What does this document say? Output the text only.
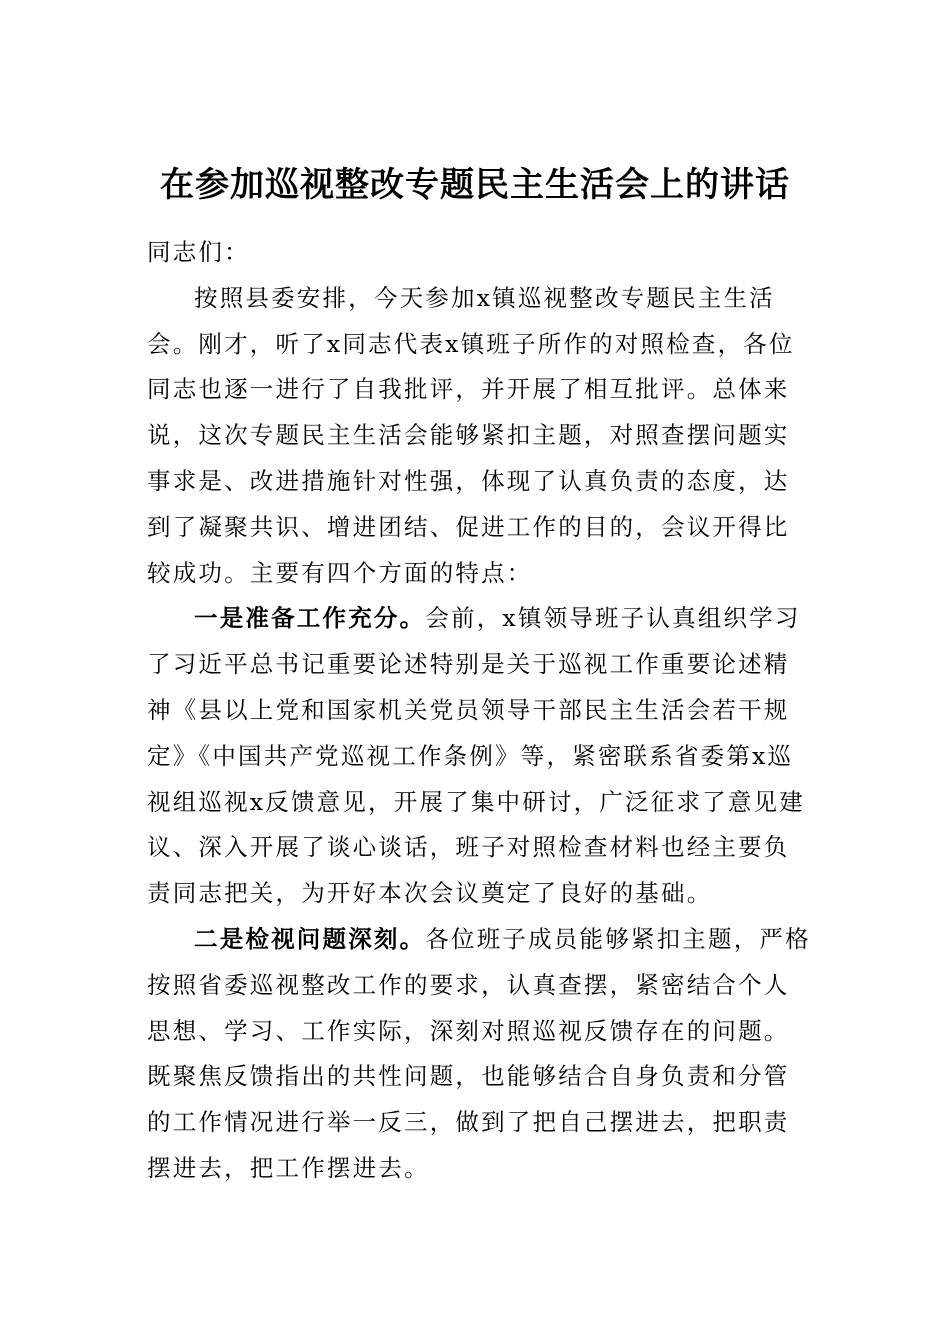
在参加巡视整改专题民主生活会上的讲话

同志们：

按照县委安排，今天参加x镇巡视整改专题民主生活会。刚才，听了x同志代表x镇班子所作的对照检查，各位同志也逐一进行了自我批评，并开展了相互批评。总体来说，这次专题民主生活会能够紧扣主题，对照查摆问题实事求是、改进措施针对性强，体现了认真负责的态度，达到了凝聚共识、增进团结、促进工作的目的，会议开得比较成功。主要有四个方面的特点：

一是准备工作充分。会前，x镇领导班子认真组织学习了习近平总书记重要论述特别是关于巡视工作重要论述精神《县以上党和国家机关党员领导干部民主生活会若干规定》《中国共产党巡视工作条例》等，紧密联系省委第x巡视组巡视x反馈意见，开展了集中研讨，广泛征求了意见建议、深入开展了谈心谈话，班子对照检查材料也经主要负责同志把关，为开好本次会议奠定了良好的基础。

二是检视问题深刻。各位班子成员能够紧扣主题，严格按照省委巡视整改工作的要求，认真查摆，紧密结合个人思想、学习、工作实际，深刻对照巡视反馈存在的问题。既聚焦反馈指出的共性问题，也能够结合自身负责和分管的工作情况进行举一反三，做到了把自己摆进去，把职责摆进去，把工作摆进去。
